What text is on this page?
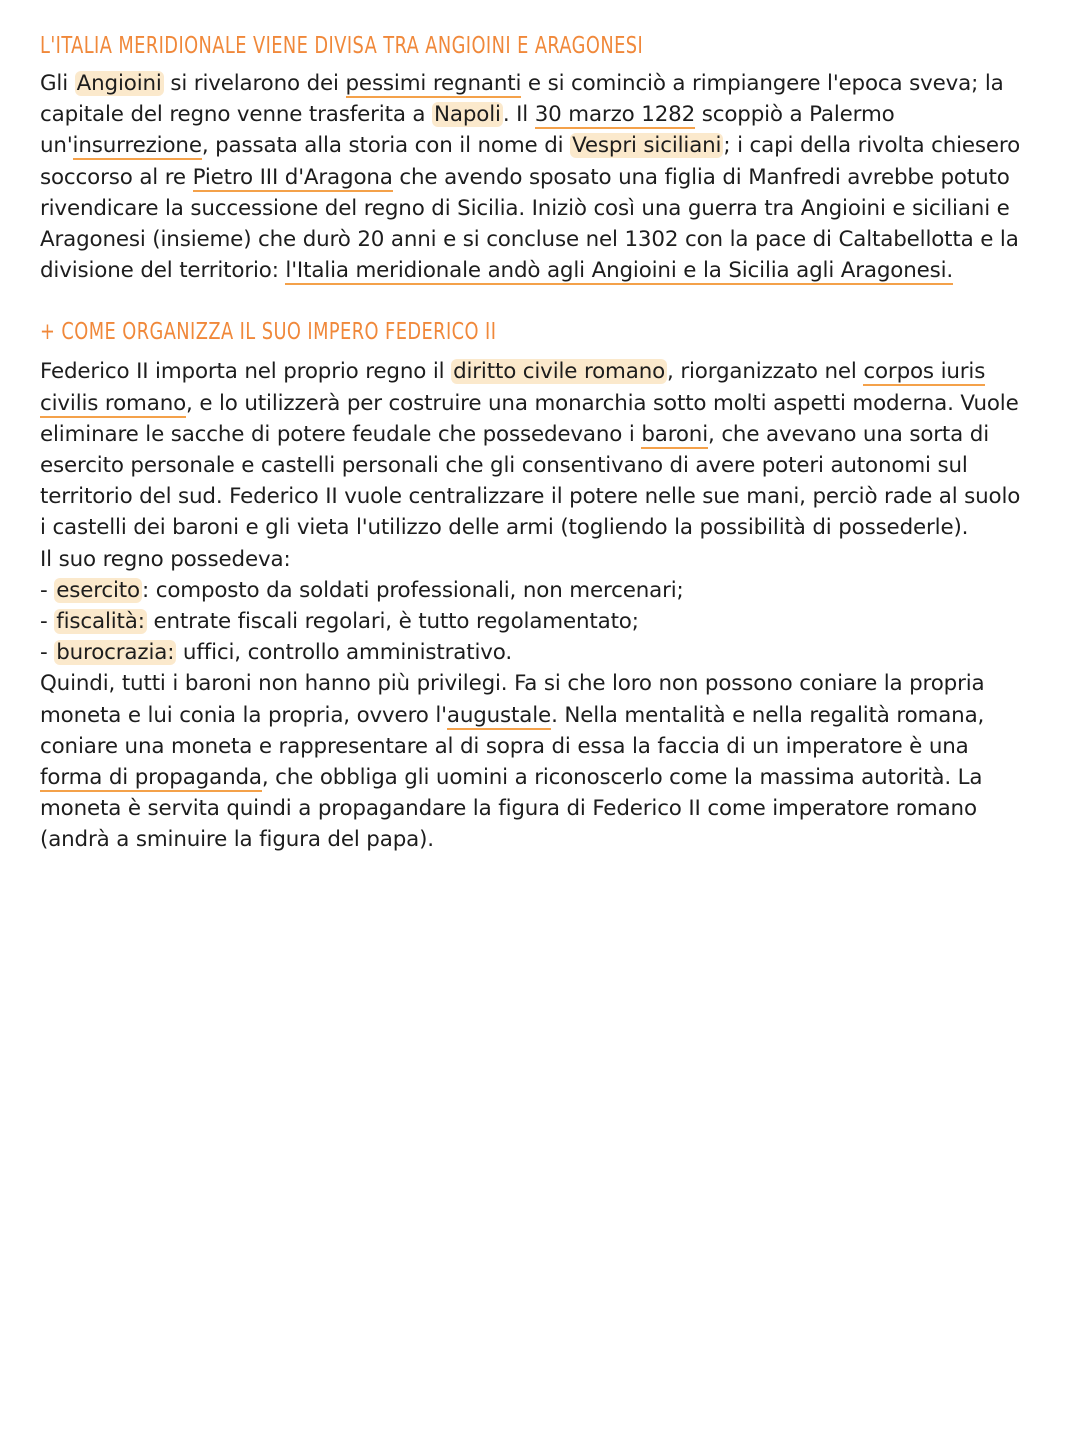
L'ITALIA MERIDIONALE VIENE DIVISA TRA ANGIOINI E ARAGONESI

Gli Angioini si rivelarono dei pessimi regnanti e si cominciò a rimpiangere l'epoca sveva; la capitale del regno venne trasferita a Napoli. Il 30 marzo 1282 scoppiò a Palermo un'insurrezione, passata alla storia con il nome di Vespri siciliani; i capi della rivolta chiesero soccorso al re Pietro III d'Aragona che avendo sposato una figlia di Manfredi avrebbe potuto rivendicare la successione del regno di Sicilia. Iniziò così una guerra tra Angioini e siciliani e Aragonesi (insieme) che durò 20 anni e si concluse nel 1302 con la pace di Caltabellotta e la divisione del territorio: l'Italia meridionale andò agli Angioini e la Sicilia agli Aragonesi.

+ COME ORGANIZZA IL SUO IMPERO FEDERICO II

Federico II importa nel proprio regno il diritto civile romano, riorganizzato nel corpos iuris civilis romano, e lo utilizzerà per costruire una monarchia sotto molti aspetti moderna. Vuole eliminare le sacche di potere feudale che possedevano i baroni, che avevano una sorta di esercito personale e castelli personali che gli consentivano di avere poteri autonomi sul territorio del sud. Federico II vuole centralizzare il potere nelle sue mani, perciò rade al suolo i castelli dei baroni e gli vieta l'utilizzo delle armi (togliendo la possibilità di possederle).

Il suo regno possedeva:

- esercito: composto da soldati professionali, non mercenari;

- fiscalità: entrate fiscali regolari, è tutto regolamentato;

- burocrazia: uffici, controllo amministrativo.

Quindi, tutti i baroni non hanno più privilegi. Fa si che loro non possono coniare la propria moneta e lui conia la propria, ovvero l'augustale. Nella mentalità e nella regalità romana, coniare una moneta e rappresentare al di sopra di essa la faccia di un imperatore è una forma di propaganda, che obbliga gli uomini a riconoscerlo come la massima autorità. La moneta è servita quindi a propagandare la figura di Federico II come imperatore romano (andrà a sminuire la figura del papa).
